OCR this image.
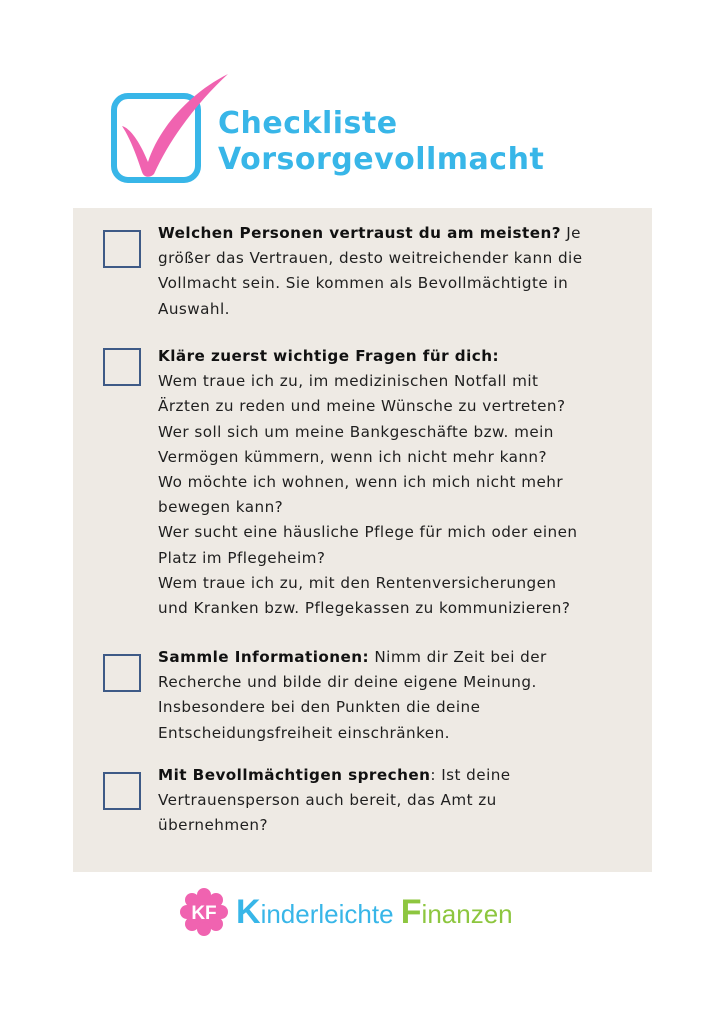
Checkliste
Vorsorgevollmacht
Welchen Personen vertraust du am meisten? Je
größer das Vertrauen, desto weitreichender kann die
Vollmacht sein. Sie kommen als Bevollmächtigte in
Auswahl.
Kläre zuerst wichtige Fragen für dich:
Wem traue ich zu, im medizinischen Notfall mit
Ärzten zu reden und meine Wünsche zu vertreten?
Wer soll sich um meine Bankgeschäfte bzw. mein
Vermögen kümmern, wenn ich nicht mehr kann?
Wo möchte ich wohnen, wenn ich mich nicht mehr
bewegen kann?
Wer sucht eine häusliche Pflege für mich oder einen
Platz im Pflegeheim?
Wem traue ich zu, mit den Rentenversicherungen
und Kranken bzw. Pflegekassen zu kommunizieren?
Sammle Informationen: Nimm dir Zeit bei der
Recherche und bilde dir deine eigene Meinung.
Insbesondere bei den Punkten die deine
Entscheidungsfreiheit einschränken.
Mit Bevollmächtigen sprechen: Ist deine
Vertrauensperson auch bereit, das Amt zu
übernehmen?
KF Kinderleichte Finanzen
